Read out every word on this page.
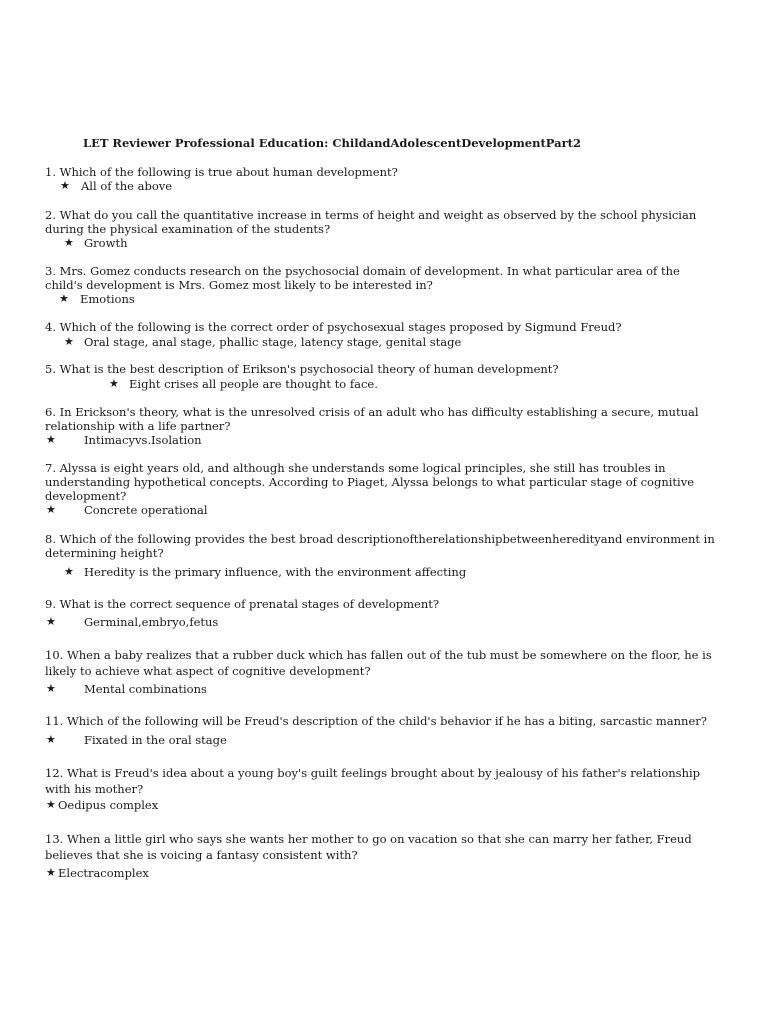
LET Reviewer Professional Education: ChildandAdolescentDevelopmentPart2
1. Which of the following is true about human development?
★ All of the above
2. What do you call the quantitative increase in terms of height and weight as observed by the school physician during the physical examination of the students?
★ Growth
3. Mrs. Gomez conducts research on the psychosocial domain of development. In what particular area of the child's development is Mrs. Gomez most likely to be interested in?
★ Emotions
4. Which of the following is the correct order of psychosexual stages proposed by Sigmund Freud?
★ Oral stage, anal stage, phallic stage, latency stage, genital stage
5. What is the best description of Erikson's psychosocial theory of human development?
★ Eight crises all people are thought to face.
6. In Erickson's theory, what is the unresolved crisis of an adult who has difficulty establishing a secure, mutual relationship with a life partner?
★ Intimacyvs.Isolation
7. Alyssa is eight years old, and although she understands some logical principles, she still has troubles in understanding hypothetical concepts. According to Piaget, Alyssa belongs to what particular stage of cognitive development?
★ Concrete operational
8. Which of the following provides the best broad descriptionoftherelationshipbetweenheredityand environment in determining height?
★ Heredity is the primary influence, with the environment affecting
9. What is the correct sequence of prenatal stages of development?
★ Germinal,embryo,fetus
10. When a baby realizes that a rubber duck which has fallen out of the tub must be somewhere on the floor, he is likely to achieve what aspect of cognitive development?
★ Mental combinations
11. Which of the following will be Freud's description of the child's behavior if he has a biting, sarcastic manner?
★ Fixated in the oral stage
12. What is Freud's idea about a young boy's guilt feelings brought about by jealousy of his father's relationship with his mother?
★ Oedipus complex
13. When a little girl who says she wants her mother to go on vacation so that she can marry her father, Freud believes that she is voicing a fantasy consistent with?
★ Electracomplex
